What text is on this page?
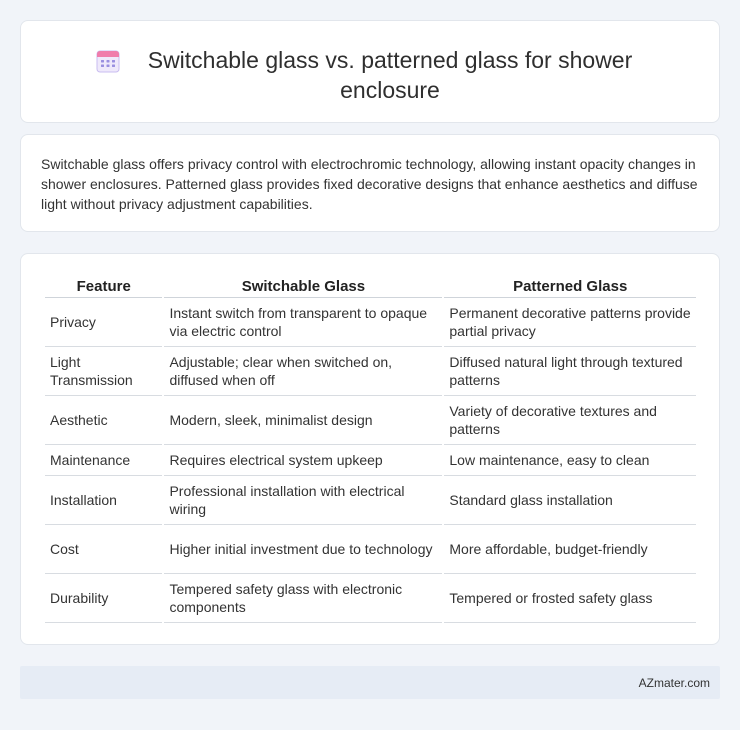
Switchable glass vs. patterned glass for shower enclosure

Switchable glass offers privacy control with electrochromic technology, allowing instant opacity changes in shower enclosures. Patterned glass provides fixed decorative designs that enhance aesthetics and diffuse light without privacy adjustment capabilities.

Feature	Switchable Glass	Patterned Glass
Privacy	Instant switch from transparent to opaque via electric control	Permanent decorative patterns provide partial privacy
Light Transmission	Adjustable; clear when switched on, diffused when off	Diffused natural light through textured patterns
Aesthetic	Modern, sleek, minimalist design	Variety of decorative textures and patterns
Maintenance	Requires electrical system upkeep	Low maintenance, easy to clean
Installation	Professional installation with electrical wiring	Standard glass installation
Cost	Higher initial investment due to technology	More affordable, budget-friendly
Durability	Tempered safety glass with electronic components	Tempered or frosted safety glass
AZmater.com
